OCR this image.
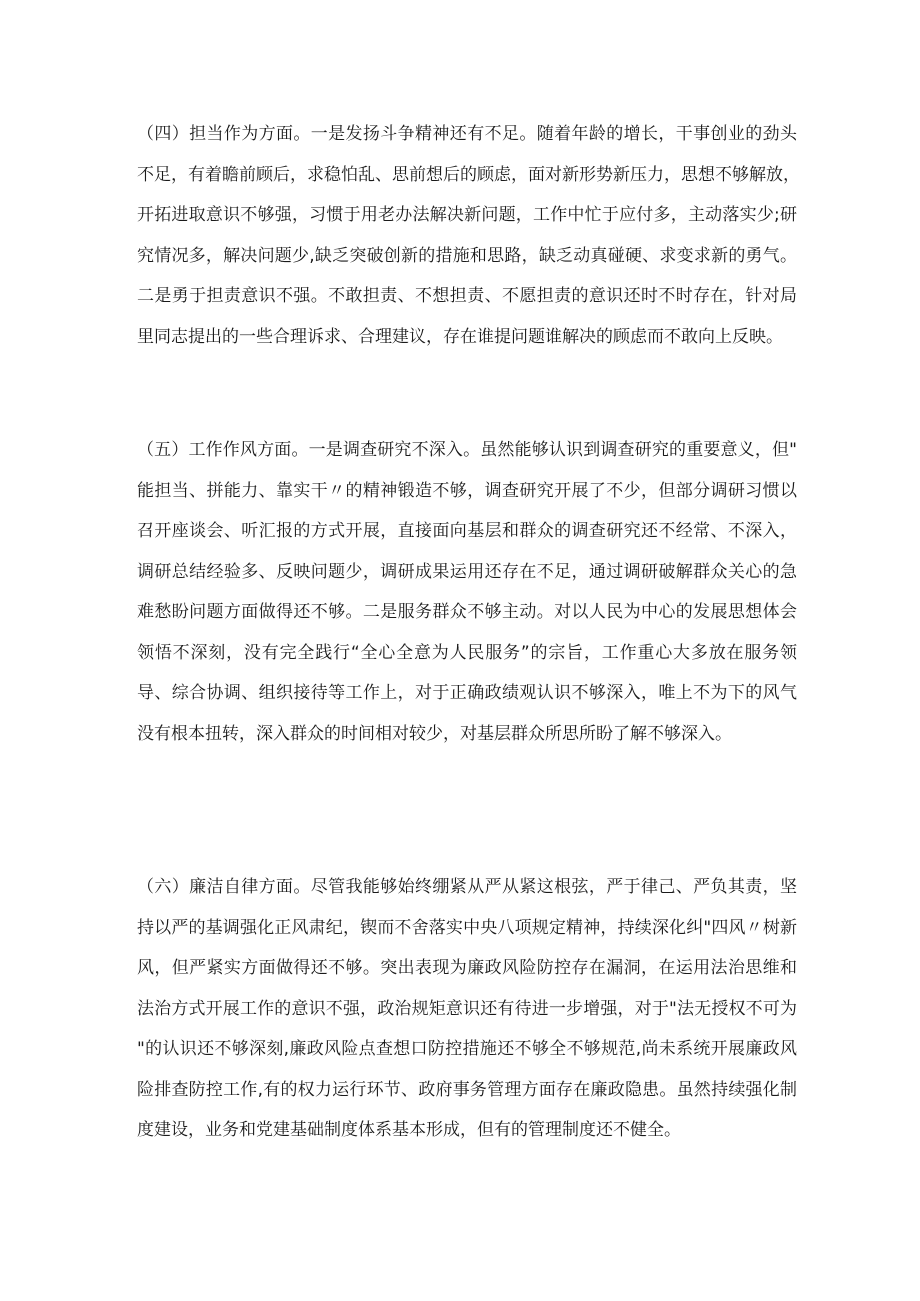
（四）担当作为方面。一是发扬斗争精神还有不足。随着年龄的增长，干事创业的劲头
不足，有着瞻前顾后，求稳怕乱、思前想后的顾虑，面对新形势新压力，思想不够解放，
开拓进取意识不够强，习惯于用老办法解决新问题，工作中忙于应付多，主动落实少;研
究情况多，解决问题少,缺乏突破创新的措施和思路，缺乏动真碰硬、求变求新的勇气。
二是勇于担责意识不强。不敢担责、不想担责、不愿担责的意识还时不时存在，针对局
里同志提出的一些合理诉求、合理建议，存在谁提问题谁解决的顾虑而不敢向上反映。
（五）工作作风方面。一是调查研究不深入。虽然能够认识到调查研究的重要意义，但"
能担当、拼能力、靠实干〃的精神锻造不够，调查研究开展了不少，但部分调研习惯以
召开座谈会、听汇报的方式开展，直接面向基层和群众的调查研究还不经常、不深入，
调研总结经验多、反映问题少，调研成果运用还存在不足，通过调研破解群众关心的急
难愁盼问题方面做得还不够。二是服务群众不够主动。对以人民为中心的发展思想体会
领悟不深刻，没有完全践行“全心全意为人民服务”的宗旨，工作重心大多放在服务领
导、综合协调、组织接待等工作上，对于正确政绩观认识不够深入，唯上不为下的风气
没有根本扭转，深入群众的时间相对较少，对基层群众所思所盼了解不够深入。
（六）廉洁自律方面。尽管我能够始终绷紧从严从紧这根弦，严于律己、严负其责，坚
持以严的基调强化正风肃纪，锲而不舍落实中央八项规定精神，持续深化纠"四风〃树新
风，但严紧实方面做得还不够。突出表现为廉政风险防控存在漏洞，在运用法治思维和
法治方式开展工作的意识不强，政治规矩意识还有待进一步增强，对于"法无授权不可为
"的认识还不够深刻,廉政风险点查想口防控措施还不够全不够规范,尚未系统开展廉政风
险排查防控工作,有的权力运行环节、政府事务管理方面存在廉政隐患。虽然持续强化制
度建设，业务和党建基础制度体系基本形成，但有的管理制度还不健全。
